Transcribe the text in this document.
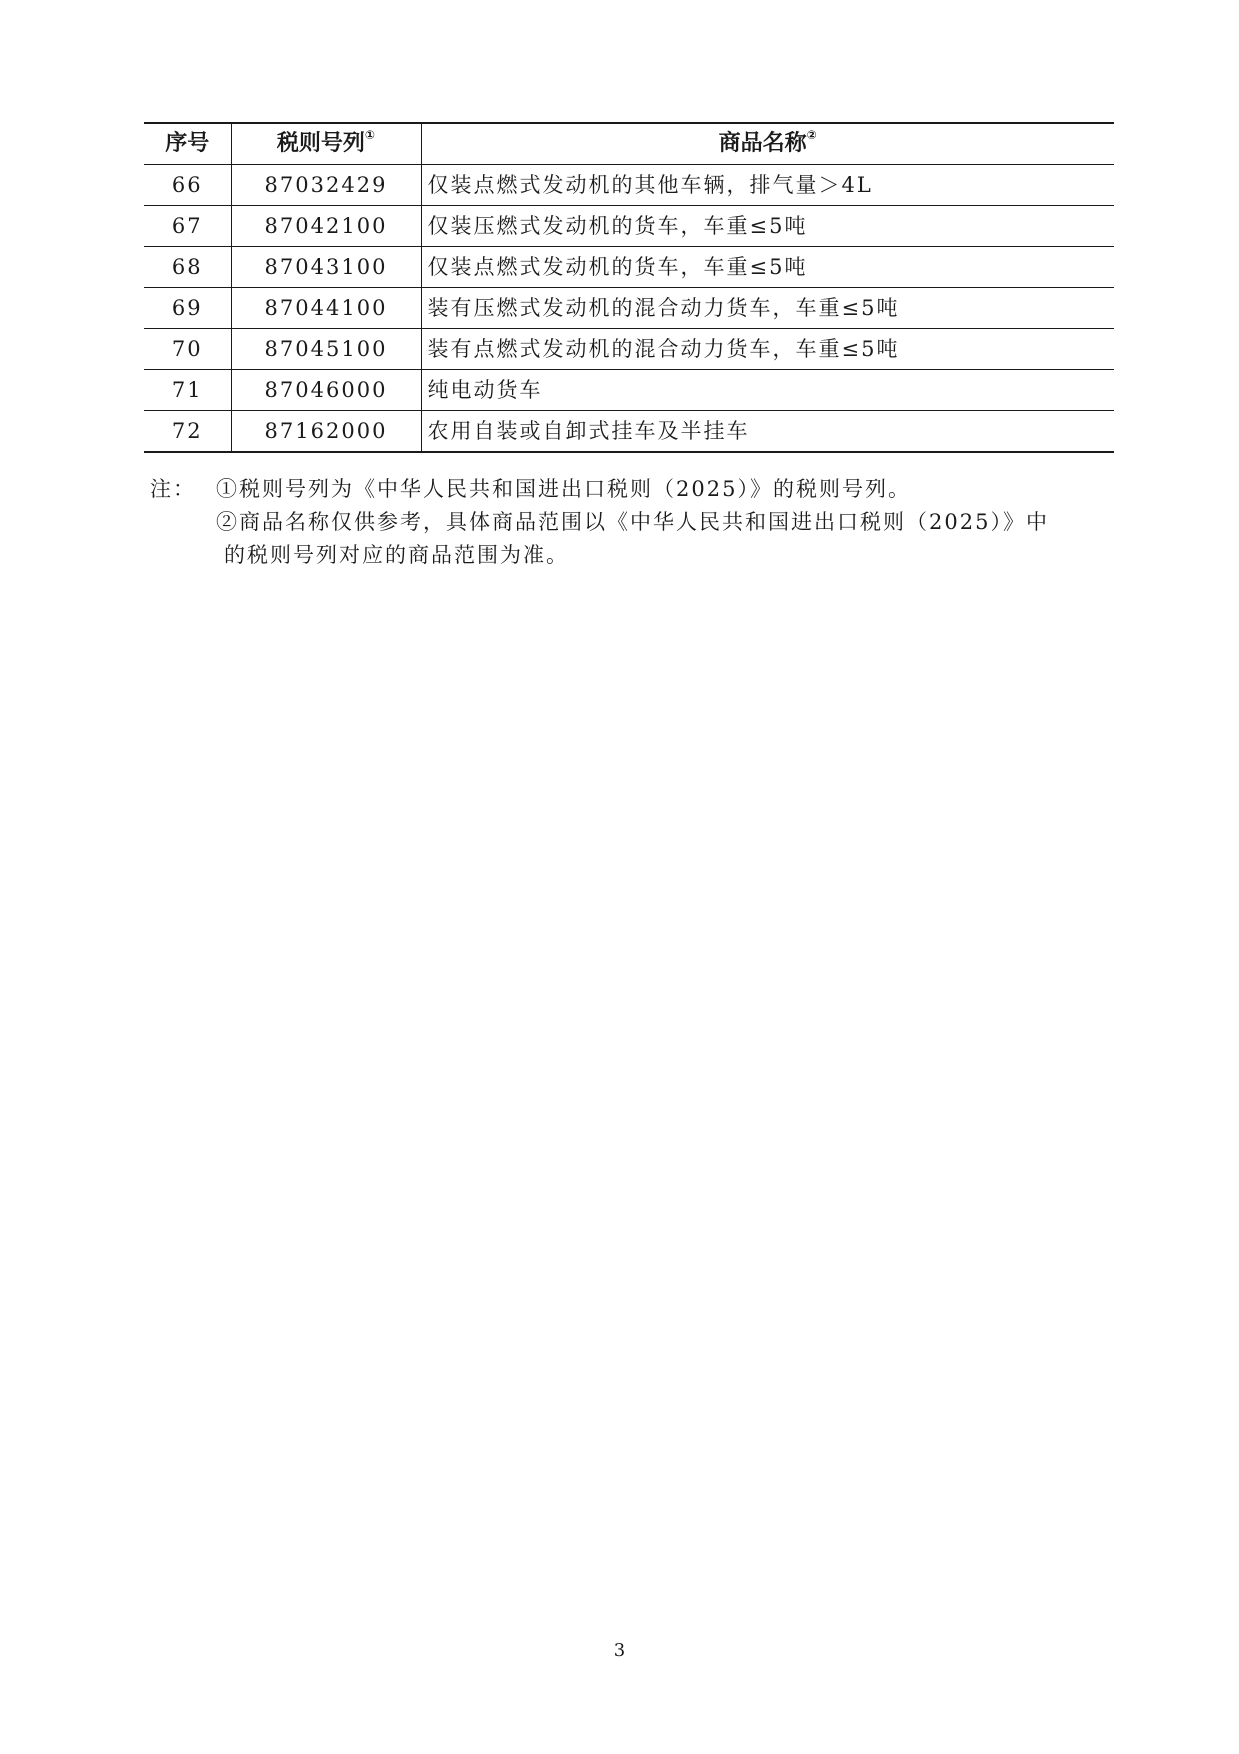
序号	税则号列①	商品名称②
66	87032429	仅装点燃式发动机的其他车辆，排气量＞4L
67	87042100	仅装压燃式发动机的货车，车重≤5吨
68	87043100	仅装点燃式发动机的货车，车重≤5吨
69	87044100	装有压燃式发动机的混合动力货车，车重≤5吨
70	87045100	装有点燃式发动机的混合动力货车，车重≤5吨
71	87046000	纯电动货车
72	87162000	农用自装或自卸式挂车及半挂车
注： ①税则号列为《中华人民共和国进出口税则（2025）》的税则号列。
②商品名称仅供参考，具体商品范围以《中华人民共和国进出口税则（2025）》中
的税则号列对应的商品范围为准。
3
